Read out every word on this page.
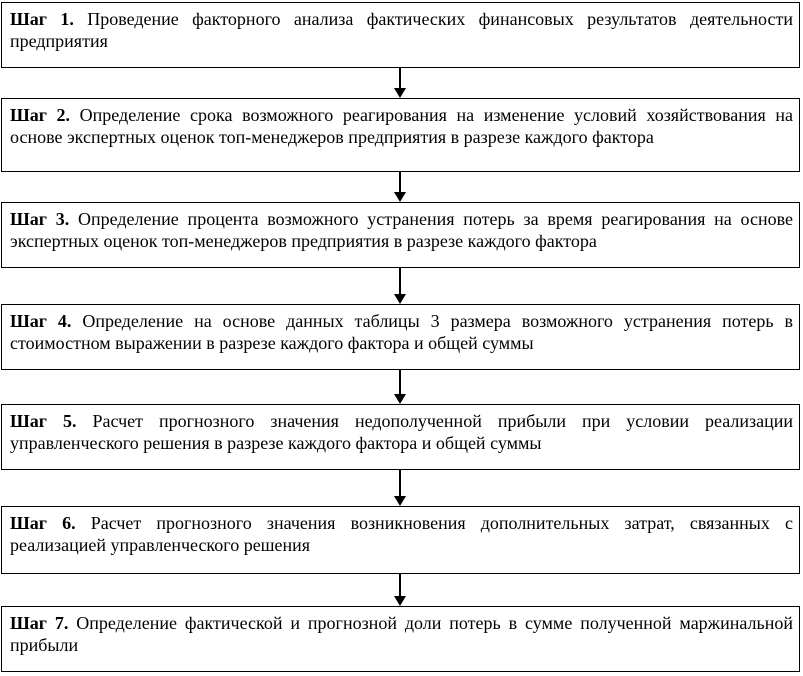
Шаг 1. Проведение факторного анализа фактических финансовых результатов деятельности предприятия
Шаг 2. Определение срока возможного реагирования на изменение условий хозяйствования на основе экспертных оценок топ-менеджеров предприятия в разрезе каждого фактора
Шаг 3. Определение процента возможного устранения потерь за время реагирования на основе экспертных оценок топ-менеджеров предприятия в разрезе каждого фактора
Шаг 4. Определение на основе данных таблицы 3 размера возможного устранения потерь в стоимостном выражении в разрезе каждого фактора и общей суммы
Шаг 5. Расчет прогнозного значения недополученной прибыли при условии реализации управленческого решения в разрезе каждого фактора и общей суммы
Шаг 6. Расчет прогнозного значения возникновения дополнительных затрат, связанных с реализацией управленческого решения
Шаг 7. Определение фактической и прогнозной доли потерь в сумме полученной маржинальной прибыли
